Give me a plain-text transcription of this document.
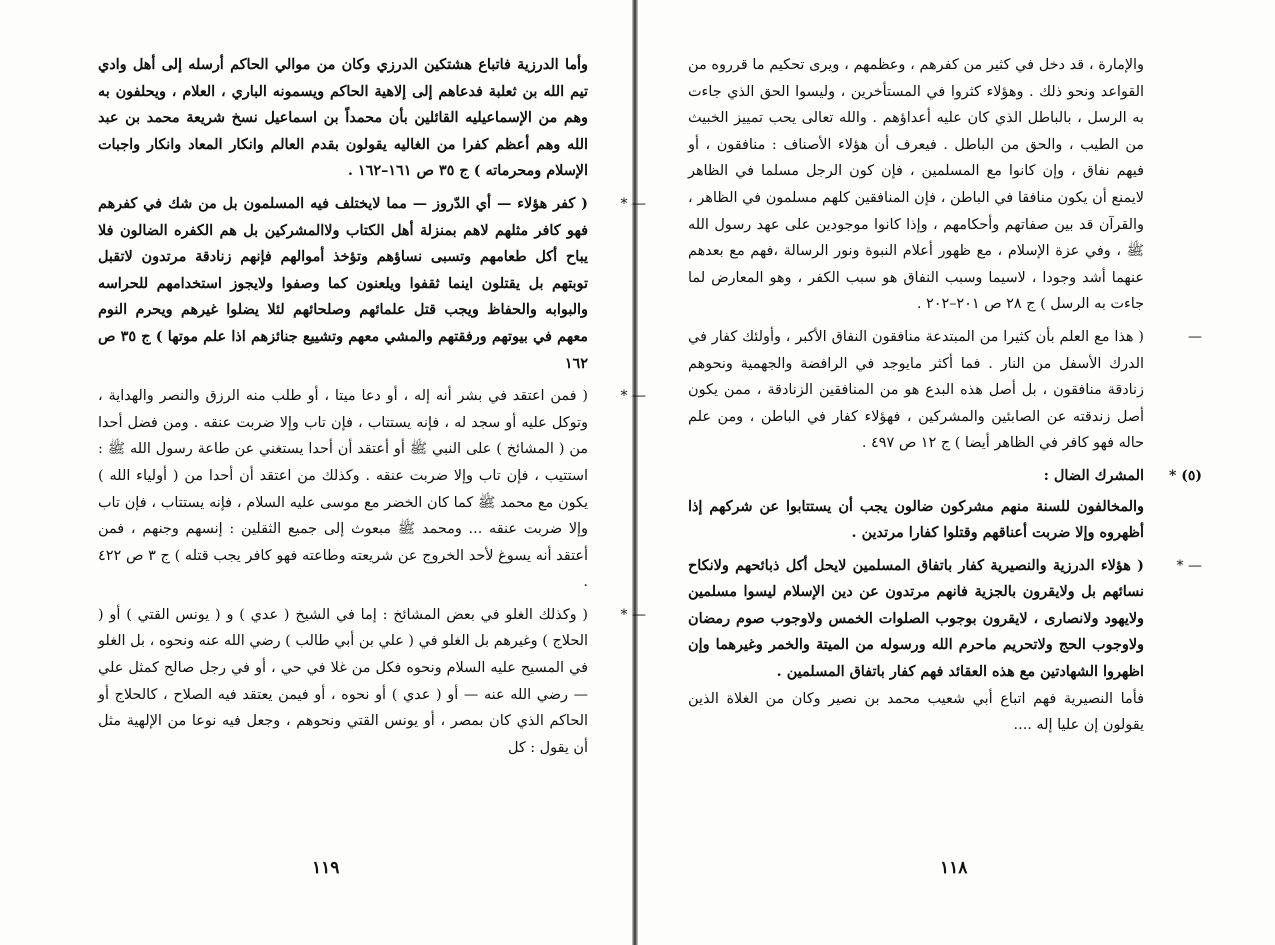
وأما الدرزية فاتباع هشتكين الدرزي وكان من موالي الحاكم أرسله إلى أهل وادي تيم الله بن ثعلبة فدعاهم إلى إلاهية الحاكم ويسمونه الباري ، العلام ، ويحلفون به وهم من الإسماعيليه القائلين بأن محمداً بن اسماعيل نسخ شريعة محمد بن عبد الله وهم أعظم كفرا من الغاليه يقولون بقدم العالم وانكار المعاد وانكار واجبات الإسلام ومحرماته ) ج ٣٥ ص ١٦١–١٦٢ .

* —

( كفر هؤلاء — أي الدّروز — مما لايختلف فيه المسلمون بل من شك في كفرهم فهو كافر مثلهم لاهم بمنزلة أهل الكتاب ولاالمشركين بل هم الكفره الضالون فلا يباح أكل طعامهم وتسبى نساؤهم وتؤخذ أموالهم فإنهم زنادقة مرتدون لاتقبل توبتهم بل يقتلون اينما ثقفوا ويلعنون كما وصفوا ولايجوز استخدامهم للحراسه والبوابه والحفاظ ويجب قتل علمائهم وصلحائهم لئلا يضلوا غيرهم ويحرم النوم معهم في بيوتهم ورفقتهم والمشي معهم وتشييع جنائزهم اذا علم موتها ) ج ٣٥ ص ١٦٢

* —

( فمن اعتقد في بشر أنه إله ، أو دعا ميتا ، أو طلب منه الرزق والنصر والهداية ، وتوكل عليه أو سجد له ، فإنه يستتاب ، فإن تاب وإلا ضربت عنقه . ومن فضل أحدا من ( المشائخ ) على النبي ﷺ أو أعتقد أن أحدا يستغني عن طاعة رسول الله ﷺ : استتيب ، فإن تاب وإلا ضربت عنقه . وكذلك من اعتقد أن أحدا من ( أولياء الله ) يكون مع محمد ﷺ كما كان الخضر مع موسى عليه السلام ، فإنه يستتاب ، فإن تاب وإلا ضربت عنقه ... ومحمد ﷺ مبعوث إلى جميع الثقلين : إنسهم وجنهم ، فمن أعتقد أنه يسوغ لأحد الخروج عن شريعته وطاعته فهو كافر يجب قتله ) ج ٣ ص ٤٢٢ .

* —

( وكذلك الغلو في بعض المشائخ : إما في الشيخ ( عدي ) و ( يونس القتي ) أو ( الحلاج ) وغيرهم بل الغلو في ( علي بن أبي طالب ) رضي الله عنه ونحوه ، بل الغلو في المسيح عليه السلام ونحوه فكل من غلا في حي ، أو في رجل صالح كمثل علي — رضي الله عنه — أو ( عدي ) أو نحوه ، أو فيمن يعتقد فيه الصلاح ، كالحلاج أو الحاكم الذي كان بمصر ، أو يونس القتي ونحوهم ، وجعل فيه نوعا من الإلهية مثل أن يقول : كل

١١٩

والإمارة ، قد دخل في كثير من كفرهم ، وعظمهم ، ويرى تحكيم ما قرروه من القواعد ونحو ذلك . وهؤلاء كثروا في المستأخرين ، وليسوا الحق الذي جاءت به الرسل ، بالباطل الذي كان عليه أعداؤهم . والله تعالى يحب تمييز الخبيث من الطيب ، والحق من الباطل . فيعرف أن هؤلاء الأصناف : منافقون ، أو فيهم نفاق ، وإن كانوا مع المسلمين ، فإن كون الرجل مسلما في الظاهر لايمنع أن يكون منافقا في الباطن ، فإن المنافقين كلهم مسلمون في الظاهر ، والقرآن قد بين صفاتهم وأحكامهم ، وإذا كانوا موجودين على عهد رسول الله ﷺ ، وفي عزة الإسلام ، مع ظهور أعلام النبوة ونور الرسالة ،فهم مع بعدهم عنهما أشد وجودا ، لاسيما وسبب النفاق هو سبب الكفر ، وهو المعارض لما جاءت به الرسل ) ج ٢٨ ص ٢٠١–٢٠٢ .

—

( هذا مع العلم بأن كثيرا من المبتدعة منافقون النفاق الأكبر ، وأولئك كفار في الدرك الأسفل من النار . فما أكثر مايوجد في الرافضة والجهمية ونحوهم زنادقة منافقون ، بل أصل هذه البدع هو من المنافقين الزنادقة ، ممن يكون أصل زندقته عن الصابئين والمشركين ، فهؤلاء كفار في الباطن ، ومن علم حاله فهو كافر في الظاهر أيضا ) ج ١٢ ص ٤٩٧ .

* (٥)
المشرك الضال :

والمخالفون للسنة منهم مشركون ضالون يجب أن يستتابوا عن شركهم إذا أظهروه وإلا ضربت أعناقهم وقتلوا كفارا مرتدين .

* —

( هؤلاء الدرزية والنصيرية كفار باتفاق المسلمين لايحل أكل ذبائحهم ولانكاح نسائهم بل ولايقرون بالجزية فانهم مرتدون عن دين الإسلام ليسوا مسلمين ولايهود ولانصارى ، لايقرون بوجوب الصلوات الخمس ولاوجوب صوم رمضان ولاوجوب الحج ولاتحريم ماحرم الله ورسوله من الميتة والخمر وغيرهما وإن اظهروا الشهادتين مع هذه العقائد فهم كفار باتفاق المسلمين .

فأما النصيرية فهم اتباع أبي شعيب محمد بن نصير وكان من الغلاة الذين يقولون إن عليا إله ....

١١٨
